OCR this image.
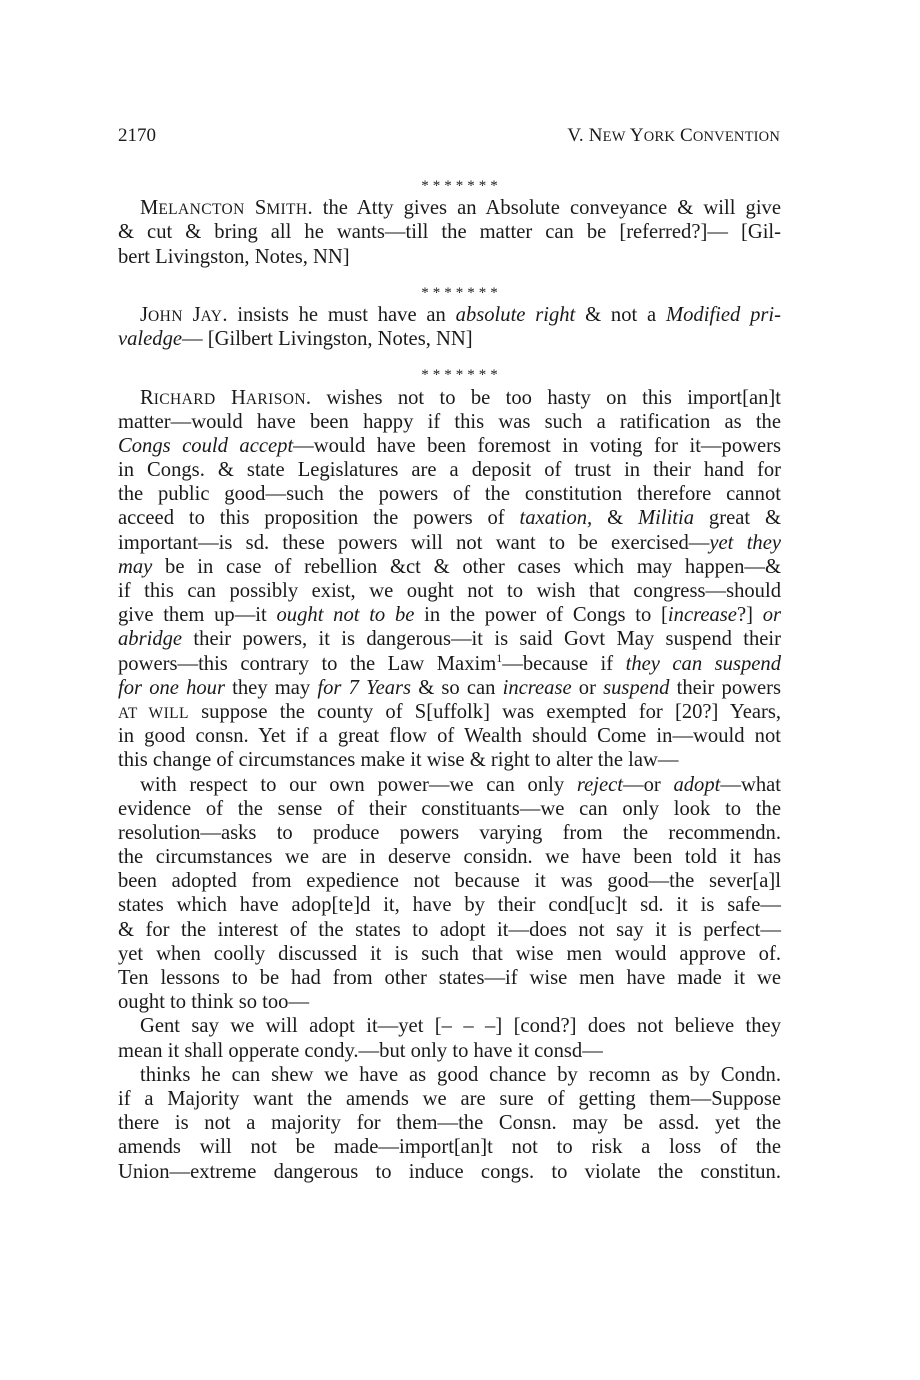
2170	V. NEW YORK CONVENTION
*******
MELANCTON SMITH. the Atty gives an Absolute conveyance & will give
& cut & bring all he wants—till the matter can be [referred?]— [Gil-
bert Livingston, Notes, NN]
*******
JOHN JAY. insists he must have an absolute right & not a Modified pri-
valedge— [Gilbert Livingston, Notes, NN]
*******
RICHARD HARISON. wishes not to be too hasty on this import[an]t
matter—would have been happy if this was such a ratification as the
Congs could accept—would have been foremost in voting for it—powers
in Congs. & state Legislatures are a deposit of trust in their hand for
the public good—such the powers of the constitution therefore cannot
acceed to this proposition the powers of taxation, & Militia great &
important—is sd. these powers will not want to be exercised—yet they
may be in case of rebellion &ct & other cases which may happen—&
if this can possibly exist, we ought not to wish that congress—should
give them up—it ought not to be in the power of Congs to [increase?] or
abridge their powers, it is dangerous—it is said Govt May suspend their
powers—this contrary to the Law Maxim$^1$—because if they can suspend
for one hour they may for 7 Years & so can increase or suspend their powers
AT WILL suppose the county of S[uffolk] was exempted for [20?] Years,
in good consn. Yet if a great flow of Wealth should Come in—would not
this change of circumstances make it wise & right to alter the law—
with respect to our own power—we can only reject—or adopt—what
evidence of the sense of their constituants—we can only look to the
resolution—asks to produce powers varying from the recommendn.
the circumstances we are in deserve considn. we have been told it has
been adopted from expedience not because it was good—the sever[a]l
states which have adop[te]d it, have by their cond[uc]t sd. it is safe—
& for the interest of the states to adopt it—does not say it is perfect—
yet when coolly discussed it is such that wise men would approve of.
Ten lessons to be had from other states—if wise men have made it we
ought to think so too—
Gent say we will adopt it—yet [– – –] [cond?] does not believe they
mean it shall opperate condy.—but only to have it consd—
thinks he can shew we have as good chance by recomn as by Condn.
if a Majority want the amends we are sure of getting them—Suppose
there is not a majority for them—the Consn. may be assd. yet the
amends will not be made—import[an]t not to risk a loss of the
Union—extreme dangerous to induce congs. to violate the constitun.
